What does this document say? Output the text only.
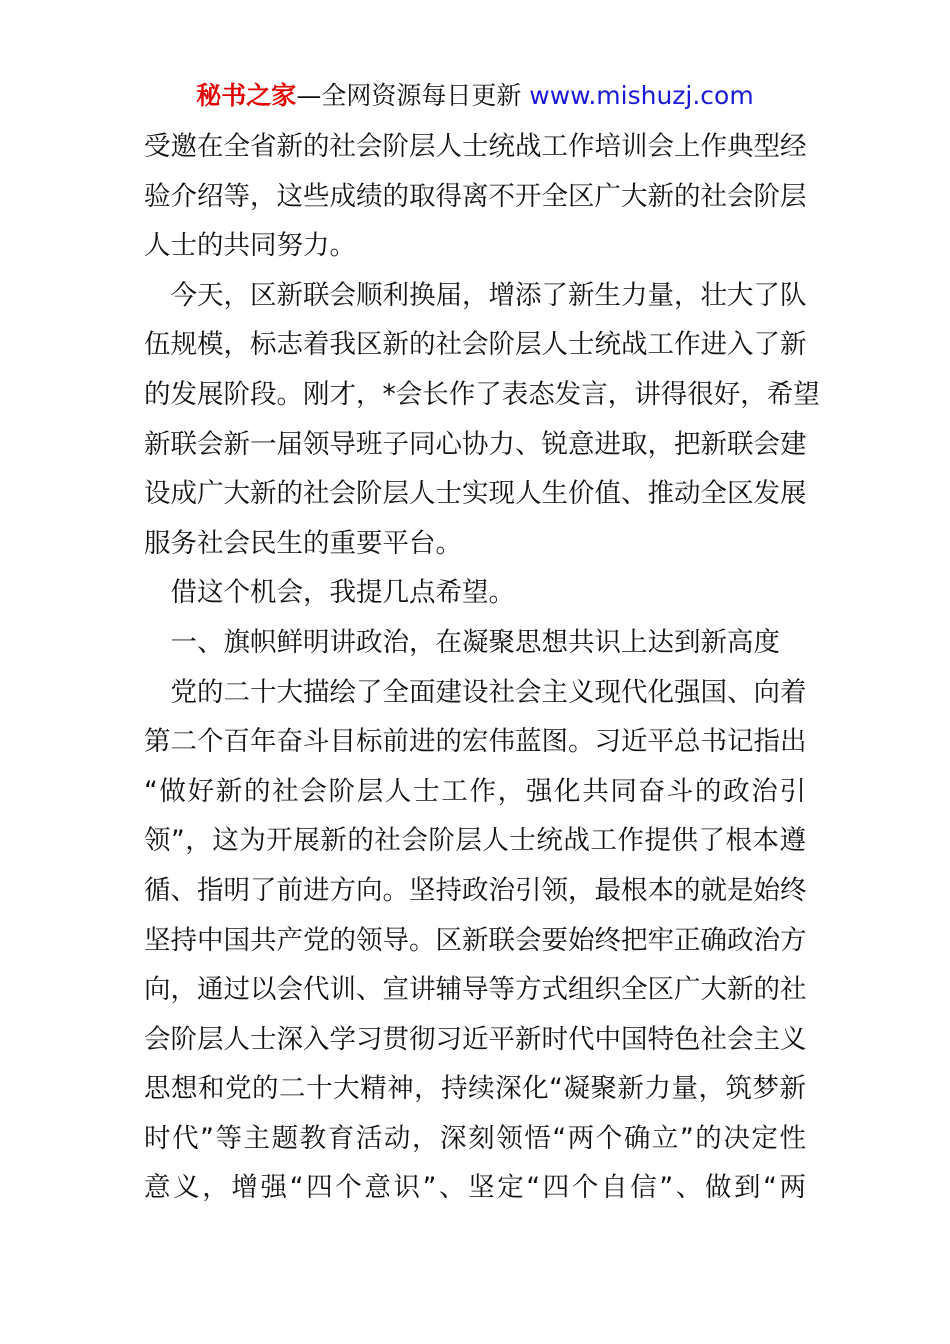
秘书之家—全网资源每日更新 www.mishuzj.com
受邀在全省新的社会阶层人士统战工作培训会上作典型经
验介绍等，这些成绩的取得离不开全区广大新的社会阶层
人士的共同努力。
　今天，区新联会顺利换届，增添了新生力量，壮大了队
伍规模，标志着我区新的社会阶层人士统战工作进入了新
的发展阶段。刚才，*会长作了表态发言，讲得很好，希望
新联会新一届领导班子同心协力、锐意进取，把新联会建
设成广大新的社会阶层人士实现人生价值、推动全区发展
服务社会民生的重要平台。
　借这个机会，我提几点希望。
　一、旗帜鲜明讲政治，在凝聚思想共识上达到新高度
　党的二十大描绘了全面建设社会主义现代化强国、向着
第二个百年奋斗目标前进的宏伟蓝图。习近平总书记指出
“做好新的社会阶层人士工作，强化共同奋斗的政治引
领”，这为开展新的社会阶层人士统战工作提供了根本遵
循、指明了前进方向。坚持政治引领，最根本的就是始终
坚持中国共产党的领导。区新联会要始终把牢正确政治方
向，通过以会代训、宣讲辅导等方式组织全区广大新的社
会阶层人士深入学习贯彻习近平新时代中国特色社会主义
思想和党的二十大精神，持续深化“凝聚新力量，筑梦新
时代”等主题教育活动，深刻领悟“两个确立”的决定性
意义，增强“四个意识”、坚定“四个自信”、做到“两
